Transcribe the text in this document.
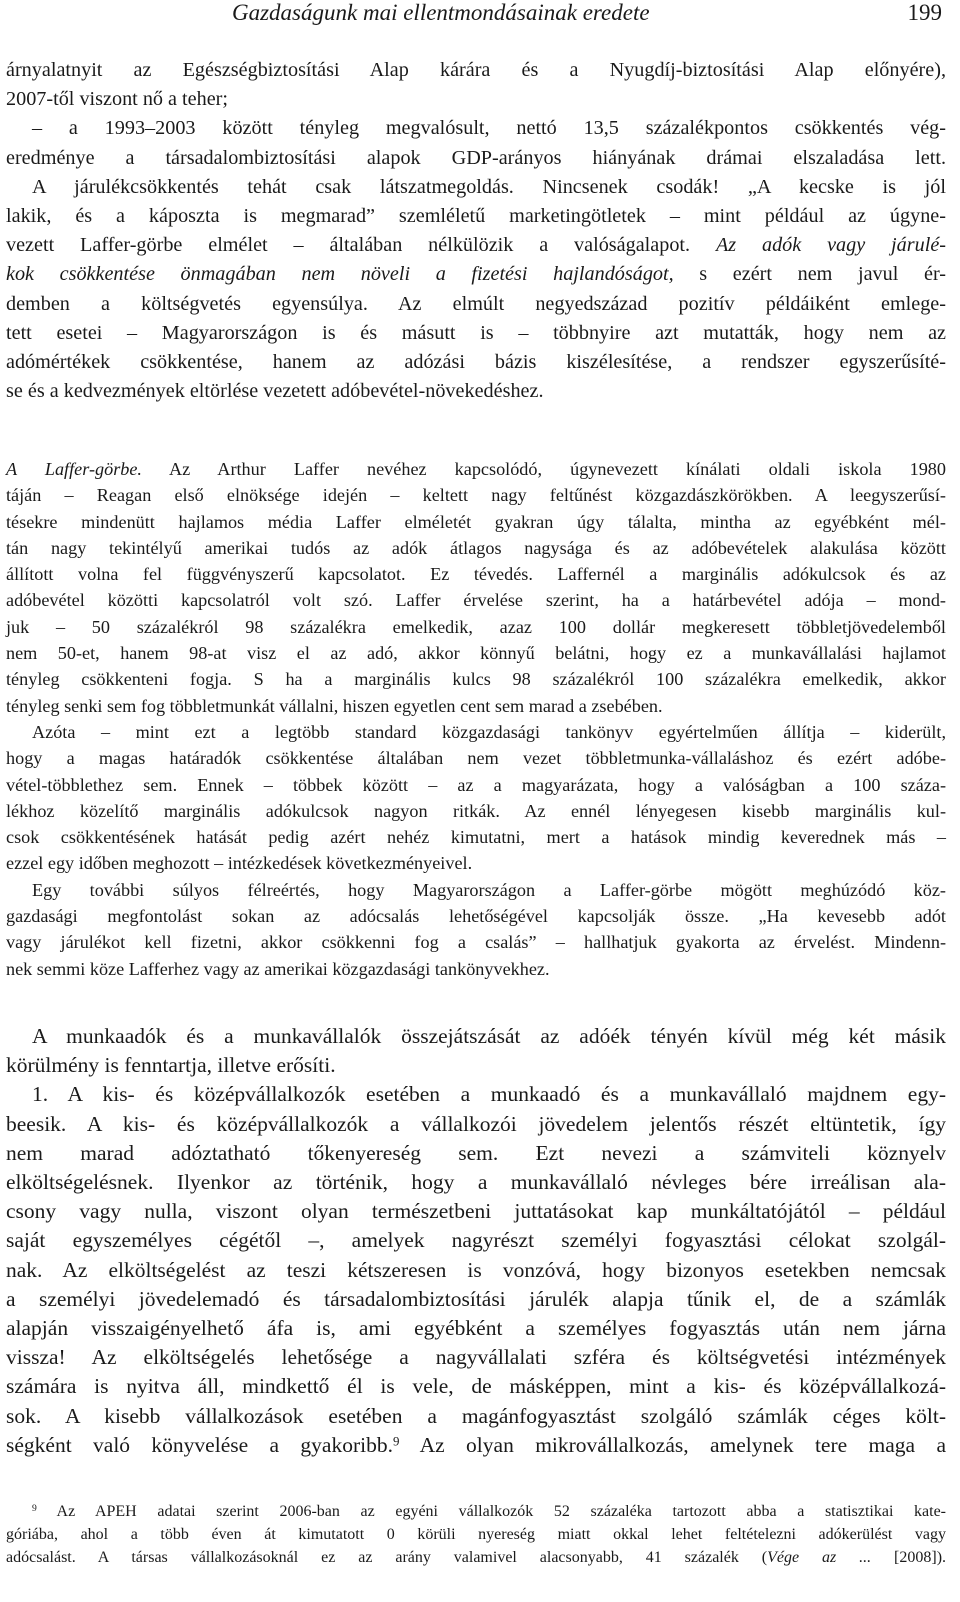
Gazdaságunk mai ellentmondásainak eredete	199
árnyalatnyit az Egészségbiztosítási Alap kárára és a Nyugdíj-biztosítási Alap előnyére),
2007-től viszont nő a teher;
– a 1993–2003 között tényleg megvalósult, nettó 13,5 százalékpontos csökkentés vég-
eredménye a társadalombiztosítási alapok GDP-arányos hiányának drámai elszaladása lett.
A járulékcsökkentés tehát csak látszatmegoldás. Nincsenek csodák! „A kecske is jól
lakik, és a káposzta is megmarad” szemléletű marketingötletek – mint például az úgyne-
vezett Laffer-görbe elmélet – általában nélkülözik a valóságalapot. Az adók vagy járulé-
kok csökkentése önmagában nem növeli a fizetési hajlandóságot, s ezért nem javul ér-
demben a költségvetés egyensúlya. Az elmúlt negyedszázad pozitív példáiként emlege-
tett esetei – Magyarországon is és másutt is – többnyire azt mutatták, hogy nem az
adómértékek csökkentése, hanem az adózási bázis kiszélesítése, a rendszer egyszerűsíté-
se és a kedvezmények eltörlése vezetett adóbevétel-növekedéshez.
A Laffer-görbe. Az Arthur Laffer nevéhez kapcsolódó, úgynevezett kínálati oldali iskola 1980
táján – Reagan első elnöksége idején – keltett nagy feltűnést közgazdászkörökben. A leegyszerűsí-
tésekre mindenütt hajlamos média Laffer elméletét gyakran úgy tálalta, mintha az egyébként mél-
tán nagy tekintélyű amerikai tudós az adók átlagos nagysága és az adóbevételek alakulása között
állított volna fel függvényszerű kapcsolatot. Ez tévedés. Laffernél a marginális adókulcsok és az
adóbevétel közötti kapcsolatról volt szó. Laffer érvelése szerint, ha a határbevétel adója – mond-
juk – 50 százalékról 98 százalékra emelkedik, azaz 100 dollár megkeresett többletjövedelemből
nem 50-et, hanem 98-at visz el az adó, akkor könnyű belátni, hogy ez a munkavállalási hajlamot
tényleg csökkenteni fogja. S ha a marginális kulcs 98 százalékról 100 százalékra emelkedik, akkor
tényleg senki sem fog többletmunkát vállalni, hiszen egyetlen cent sem marad a zsebében.
Azóta – mint ezt a legtöbb standard közgazdasági tankönyv egyértelműen állítja – kiderült,
hogy a magas határadók csökkentése általában nem vezet többletmunka-vállaláshoz és ezért adóbe-
vétel-többlethez sem. Ennek – többek között – az a magyarázata, hogy a valóságban a 100 száza-
lékhoz közelítő marginális adókulcsok nagyon ritkák. Az ennél lényegesen kisebb marginális kul-
csok csökkentésének hatását pedig azért nehéz kimutatni, mert a hatások mindig keverednek más –
ezzel egy időben meghozott – intézkedések következményeivel.
Egy további súlyos félreértés, hogy Magyarországon a Laffer-görbe mögött meghúzódó köz-
gazdasági megfontolást sokan az adócsalás lehetőségével kapcsolják össze. „Ha kevesebb adót
vagy járulékot kell fizetni, akkor csökkenni fog a csalás” – hallhatjuk gyakorta az érvelést. Mindenn-
nek semmi köze Lafferhez vagy az amerikai közgazdasági tankönyvekhez.
A munkaadók és a munkavállalók összejátszását az adóék tényén kívül még két másik
körülmény is fenntartja, illetve erősíti.
1. A kis- és középvállalkozók esetében a munkaadó és a munkavállaló majdnem egy-
beesik. A kis- és középvállalkozók a vállalkozói jövedelem jelentős részét eltüntetik, így
nem marad adóztatható tőkenyereség sem. Ezt nevezi a számviteli köznyelv
elköltségelésnek. Ilyenkor az történik, hogy a munkavállaló névleges bére irreálisan ala-
csony vagy nulla, viszont olyan természetbeni juttatásokat kap munkáltatójától – például
saját egyszemélyes cégétől –, amelyek nagyrészt személyi fogyasztási célokat szolgál-
nak. Az elköltségelést az teszi kétszeresen is vonzóvá, hogy bizonyos esetekben nemcsak
a személyi jövedelemadó és társadalombiztosítási járulék alapja tűnik el, de a számlák
alapján visszaigényelhető áfa is, ami egyébként a személyes fogyasztás után nem járna
vissza! Az elköltségelés lehetősége a nagyvállalati szféra és költségvetési intézmények
számára is nyitva áll, mindkettő él is vele, de másképpen, mint a kis- és középvállalkozá-
sok. A kisebb vállalkozások esetében a magánfogyasztást szolgáló számlák céges költ-
ségként való könyvelése a gyakoribb.$^9$ Az olyan mikrovállalkozás, amelynek tere maga a
$^9$ Az APEH adatai szerint 2006-ban az egyéni vállalkozók 52 százaléka tartozott abba a statisztikai kate-
góriába, ahol a több éven át kimutatott 0 körüli nyereség miatt okkal lehet feltételezni adókerülést vagy
adócsalást. A társas vállalkozásoknál ez az arány valamivel alacsonyabb, 41 százalék (Vége az ... [2008]).
